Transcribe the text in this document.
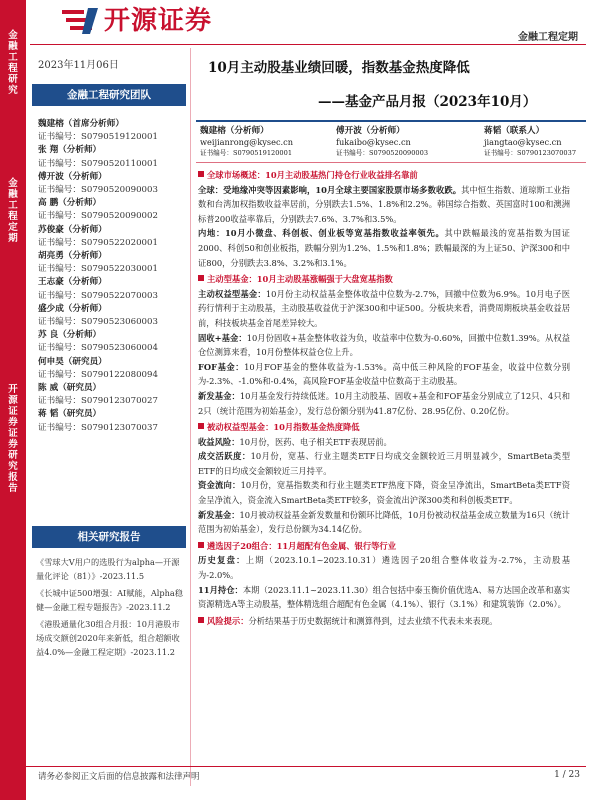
金融工程研究
金融工程定期
开源证券 证券研究报告
开源证券
金融工程定期
2023年11月06日
金融工程研究团队
魏建榕（首席分析师）
证书编号：S0790519120001
张 翔（分析师）
证书编号：S0790520110001
傅开波（分析师）
证书编号：S0790520090003
高 鹏（分析师）
证书编号：S0790520090002
苏俊豪（分析师）
证书编号：S0790522020001
胡亮勇（分析师）
证书编号：S0790522030001
王志豪（分析师）
证书编号：S0790522070003
盛少成（分析师）
证书编号：S0790523060003
苏 良（分析师）
证书编号：S0790523060004
何申昊（研究员）
证书编号：S0790122080094
陈 威（研究员）
证书编号：S0790123070027
蒋 韬（研究员）
证书编号：S0790123070037
相关研究报告
《雪球大V用户的选股行为alpha—开源量化评论（81）》-2023.11.5
《长城中证500增强：AI赋能，Alpha稳健—金融工程专题报告》-2023.11.2
《港股通量化30组合月报：10月港股市场成交额创2020年来新低，组合超额收益4.0%—金融工程定期》-2023.11.2
10月主动股基业绩回暖，指数基金热度降低
——基金产品月报（2023年10月）
魏建榕（分析师）
weijianrong@kysec.cn
证书编号：S0790519120001
傅开波（分析师）
fukaibo@kysec.cn
证书编号：S0790520090003
蒋韬（联系人）
jiangtao@kysec.cn
证书编号：S0790123070037

全球市场概述：10月主动股基热门持仓行业收益排名靠前

全球：受地缘冲突等因素影响，10月全球主要国家股票市场多数收跌。其中恒生指数、道琼斯工业指数和台湾加权指数收益率居前，分别跌去1.5%、1.8%和2.2%。韩国综合指数、英国富时100和澳洲标普200收益率靠后，分别跌去7.6%、3.7%和3.5%。

内地：10月小微盘、科创板、创业板等宽基指数收益率领先。其中跌幅最浅的宽基指数为国证2000、科创50和创业板指，跌幅分别为1.2%、1.5%和1.8%；跌幅最深的为上证50、沪深300和中证800，分别跌去3.8%、3.2%和3.1%。

主动型基金：10月主动股基涨幅强于大盘宽基指数

主动权益型基金：10月份主动权益基金整体收益中位数为-2.7%，回撤中位数为6.9%。10月电子医药行情利于主动股基，主动股基收益优于沪深300和中证500。分板块来看，消费周期板块基金收益居前，科技板块基金首尾差异较大。

固收+基金：10月份固收+基金整体收益为负，收益率中位数为-0.60%，回撤中位数1.39%。从权益仓位测算来看，10月份整体权益仓位上升。

FOF基金：10月FOF基金的整体收益为-1.53%。高中低三种风险的FOF基金，收益中位数分别为-2.3%、-1.0%和-0.4%，高风险FOF基金收益中位数高于主动股基。

新发基金：10月基金发行持续低迷。10月主动股基、固收+基金和FOF基金分别成立了12只、4只和2只（统计范围为初始基金），发行总份额分别为41.87亿份、28.95亿份、0.20亿份。

被动权益型基金：10月指数基金热度降低

收益风险：10月份，医药、电子相关ETF表现居前。

成交活跃度：10月份，宽基、行业主题类ETF日均成交金额较近三月明显减少，SmartBeta类型ETF的日均成交金额较近三月持平。

资金流向：10月份，宽基指数类和行业主题类ETF热度下降，资金呈净流出，SmartBeta类ETF资金呈净流入，资金流入SmartBeta类ETF较多，资金流出沪深300类和科创板类ETF。

新发基金：10月被动权益基金新发数量和份额环比降低，10月份被动权益基金成立数量为16只（统计范围为初始基金），发行总份额为34.14亿份。

遴选因子20组合：11月超配有色金属、银行等行业

历史复盘：上期（2023.10.1~2023.10.31）遴选因子20组合整体收益为-2.7%，主动股基为-2.0%。

11月持仓：本期（2023.11.1~2023.11.30）组合包括中泰玉衡价值优选A、易方达国企改革和嘉实资源精选A等主动股基，整体精选组合超配有色金属（4.1%）、银行（3.1%）和建筑装饰（2.0%）。

风险提示：分析结果基于历史数据统计和测算得到，过去业绩不代表未来表现。

请务必参阅正文后面的信息披露和法律声明	1 / 23
